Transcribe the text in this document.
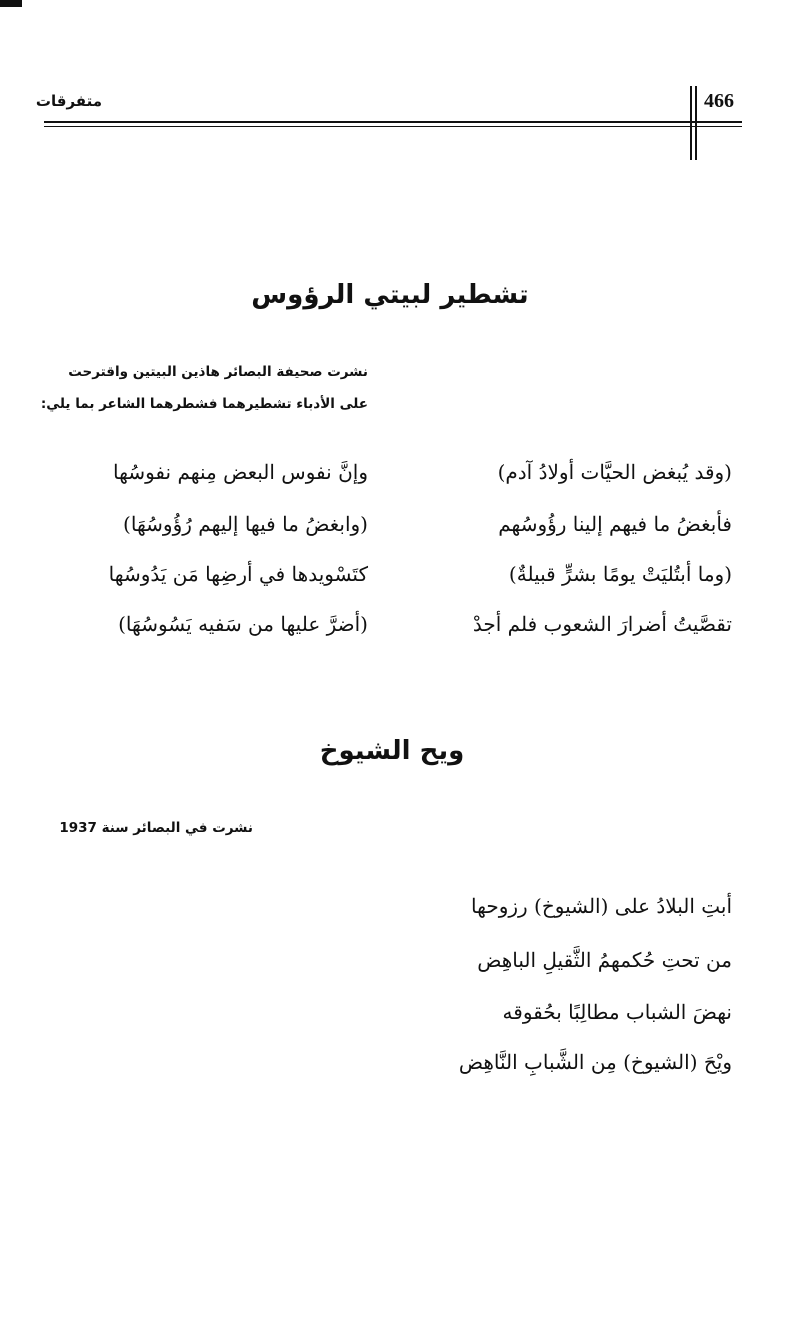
466
متفرقات
تشطير لبيتي الرؤوس
نشرت صحيفة البصائر هاذين البيتين واقترحت
على الأدباء تشطيرهما فشطرهما الشاعر بما يلي:
(وقد يُبغض الحيَّات أولادُ آدم)
وإنَّ نفوس البعض مِنهم نفوسُها
فأبغضُ ما فيهم إلينا رؤُوسُهم
(وابغضُ ما فيها إليهم رُؤُوسُهَا)
(وما أبتُليَتْ يومًا بشرٍّ قبيلةٌ)
كتَسْويدها في أرضِها مَن يَدُوسُها
تقصَّيتُ أضرارَ الشعوب فلم أجدْ
(أضرَّ عليها من سَفيه يَسُوسُهَا)
ويح الشيوخ
نشرت في البصائر سنة 1937
أبتِ البلادُ على (الشيوخ) رزوحها
من تحتِ حُكمهمُ الثَّقيلِ الباهِض
نهضَ الشباب مطالِبًا بحُقوقه
ويْحَ (الشيوخ) مِن الشَّبابِ النَّاهِض
